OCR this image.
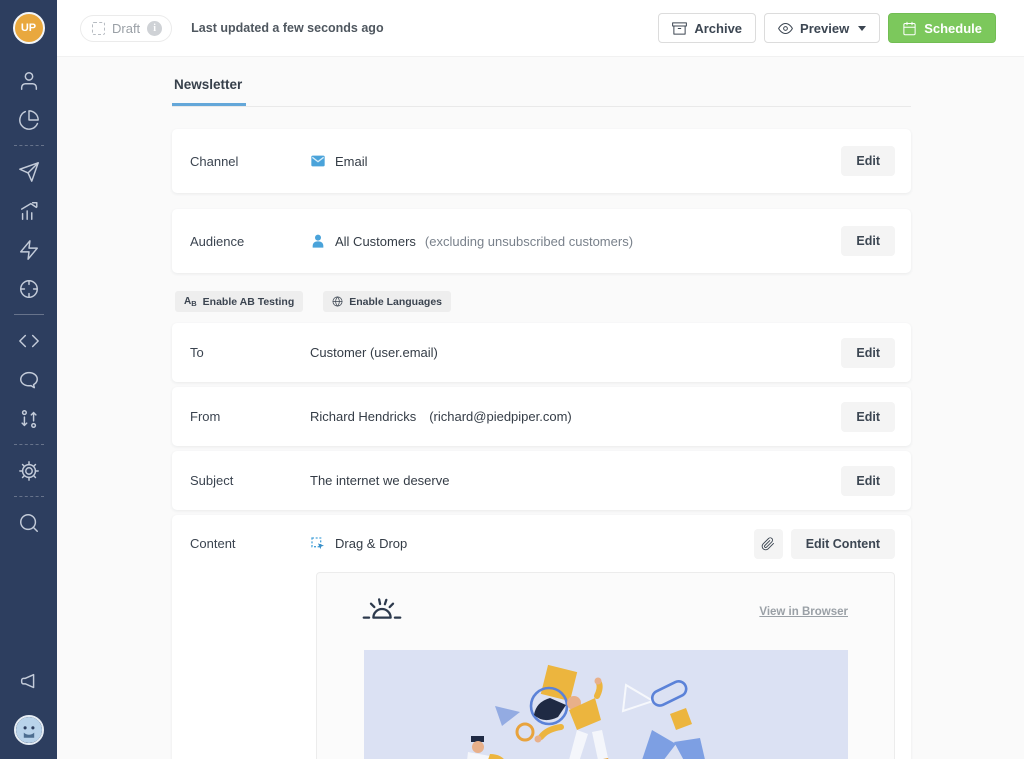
UP	Draft	i	Last updated a few seconds ago	Archive	Preview	Schedule
Newsletter
Channel	Email	Edit
Audience	All Customers (excluding unsubscribed customers)	Edit
AB Enable AB Testing	Enable Languages
To	Customer (user.email)	Edit
From	Richard Hendricks (richard@piedpiper.com)	Edit
Subject	The internet we deserve	Edit
Content	Drag & Drop	Edit Content
View in Browser
